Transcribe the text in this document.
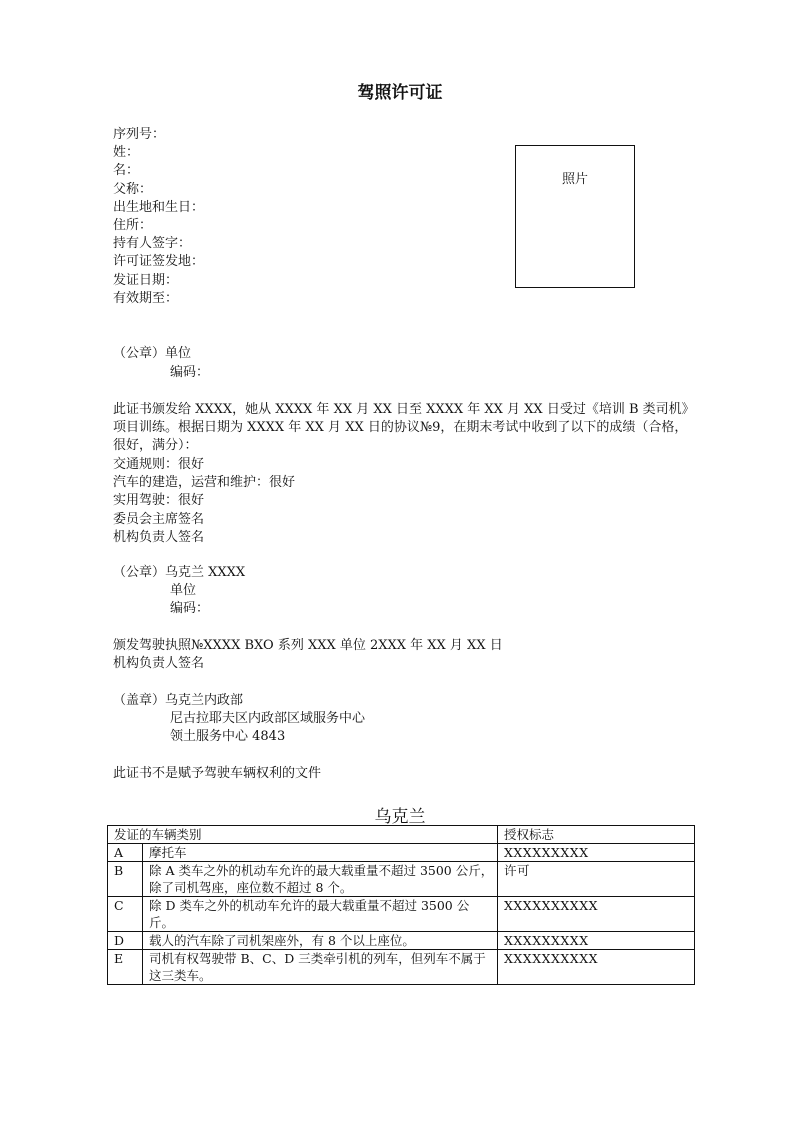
驾照许可证
序列号：
姓：
名：
父称：
出生地和生日：
住所：
持有人签字：
许可证签发地：
发证日期：
有效期至：
照片
（公章）单位
编码：
此证书颁发给 XXXX，她从 XXXX 年 XX 月 XX 日至 XXXX 年 XX 月 XX 日受过《培训 B 类司机》项目训练。根据日期为 XXXX 年 XX 月 XX 日的协议№9，在期末考试中收到了以下的成绩（合格，很好，满分）：
交通规则：很好
汽车的建造，运营和维护：很好
实用驾驶：很好
委员会主席签名
机构负责人签名
（公章）乌克兰 XXXX
单位
编码：
颁发驾驶执照№XXXX BXO 系列 XXX 单位 2XXX 年 XX 月 XX 日
机构负责人签名
（盖章）乌克兰内政部
尼古拉耶夫区内政部区域服务中心
领土服务中心 4843
此证书不是赋予驾驶车辆权利的文件
乌克兰
发证的车辆类别		授权标志
A	摩托车	XXXXXXXXX
B	除 A 类车之外的机动车允许的最大载重量不超过 3500 公斤，除了司机驾座，座位数不超过 8 个。	许可
C	除 D 类车之外的机动车允许的最大载重量不超过 3500 公斤。	XXXXXXXXXX
D	载人的汽车除了司机架座外，有 8 个以上座位。	XXXXXXXXX
E	司机有权驾驶带 B、C、D 三类牵引机的列车，但列车不属于这三类车。	XXXXXXXXXX
